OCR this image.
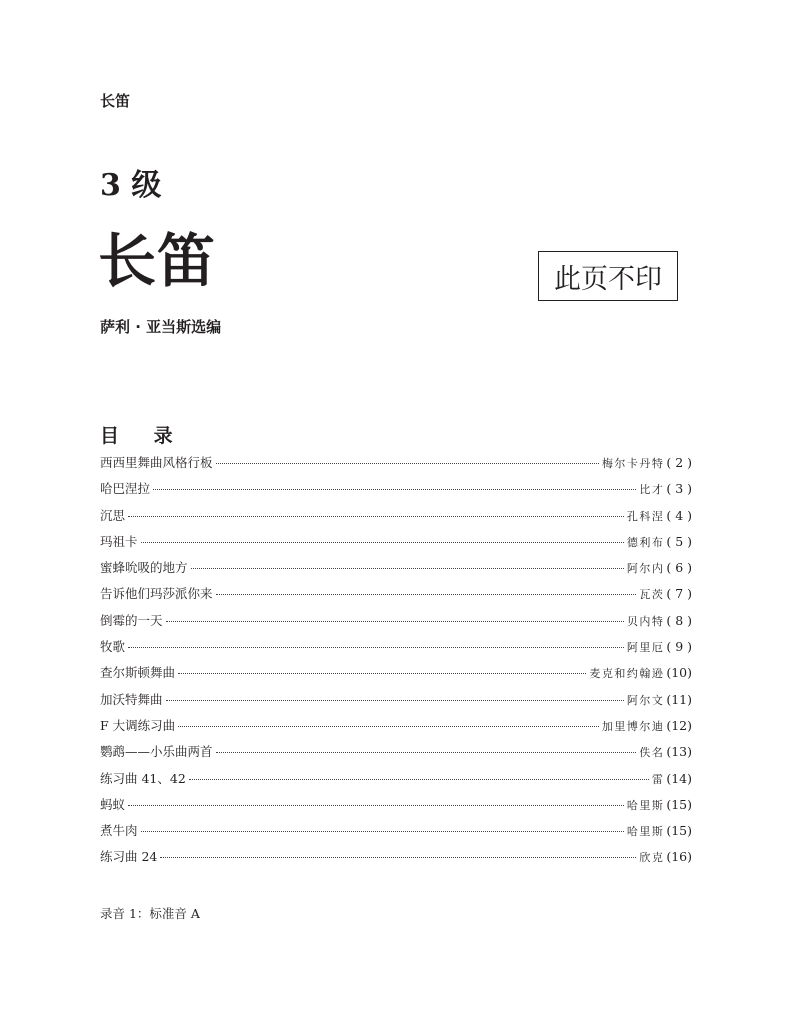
长笛
3 级
长笛	此页不印
萨利 · 亚当斯选编
目 录
西西里舞曲风格行板	梅尔卡丹特 ( 2 )
哈巴涅拉	比才 ( 3 )
沉思	孔科涅 ( 4 )
玛祖卡	德利布 ( 5 )
蜜蜂吮吸的地方	阿尔内 ( 6 )
告诉他们玛莎派你来	瓦茨 ( 7 )
倒霉的一天	贝内特 ( 8 )
牧歌	阿里厄 ( 9 )
查尔斯顿舞曲	麦克和约翰逊 (10)
加沃特舞曲	阿尔文 (11)
F 大调练习曲	加里博尔迪 (12)
鹦鹉——小乐曲两首	佚名 (13)
练习曲 41、42	雷 (14)
蚂蚁	哈里斯 (15)
煮牛肉	哈里斯 (15)
练习曲 24	欣克 (16)
录音 1：标准音 A
